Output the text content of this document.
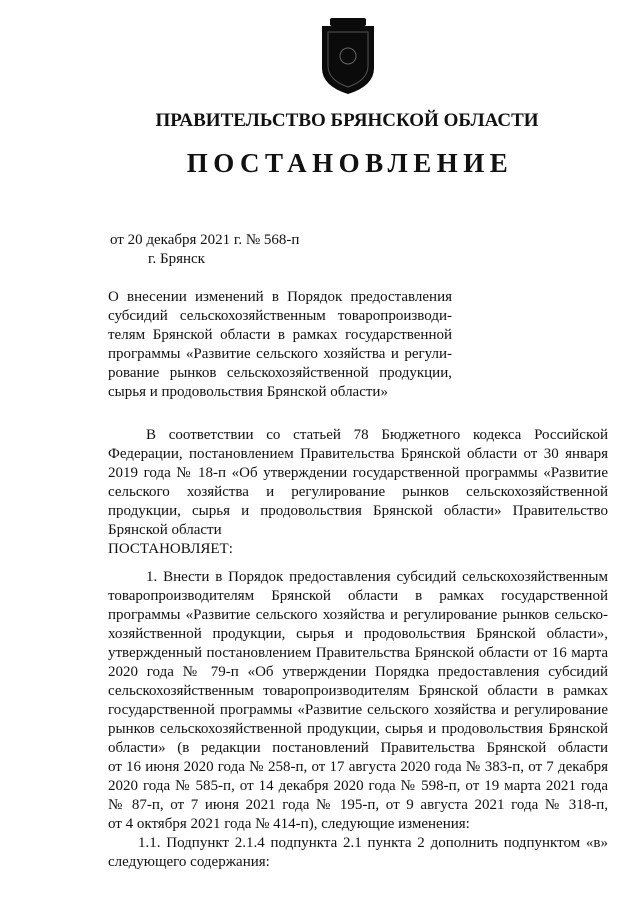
ПРАВИТЕЛЬСТВО БРЯНСКОЙ ОБЛАСТИ
ПОСТАНОВЛЕНИЕ
от 20 декабря 2021 г. № 568-п
г. Брянск
О внесении изменений в Порядок предоставления
субсидий сельскохозяйственным товаропроизводи-
телям Брянской области в рамках государственной
программы «Развитие сельского хозяйства и регули-
рование рынков сельскохозяйственной продукции,
сырья и продовольствия Брянской области»
В соответствии со статьей 78 Бюджетного кодекса Российской
Федерации, постановлением Правительства Брянской области от 30 января
2019 года № 18-п «Об утверждении государственной программы «Развитие
сельского хозяйства и регулирование рынков сельскохозяйственной
продукции, сырья и продовольствия Брянской области» Правительство
Брянской области
ПОСТАНОВЛЯЕТ:
1. Внести в Порядок предоставления субсидий сельскохозяйственным
товаропроизводителям Брянской области в рамках государственной
программы «Развитие сельского хозяйства и регулирование рынков сельско-
хозяйственной продукции, сырья и продовольствия Брянской области»,
утвержденный постановлением Правительства Брянской области от 16 марта
2020 года № 79-п «Об утверждении Порядка предоставления субсидий
сельскохозяйственным товаропроизводителям Брянской области в рамках
государственной программы «Развитие сельского хозяйства и регулирование
рынков сельскохозяйственной продукции, сырья и продовольствия Брянской
области» (в редакции постановлений Правительства Брянской области
от 16 июня 2020 года № 258-п, от 17 августа 2020 года № 383-п, от 7 декабря
2020 года № 585-п, от 14 декабря 2020 года № 598-п, от 19 марта 2021 года
№ 87-п, от 7 июня 2021 года № 195-п, от 9 августа 2021 года № 318-п,
от 4 октября 2021 года № 414-п), следующие изменения:
1.1. Подпункт 2.1.4 подпункта 2.1 пункта 2 дополнить подпунктом «в»
следующего содержания:
